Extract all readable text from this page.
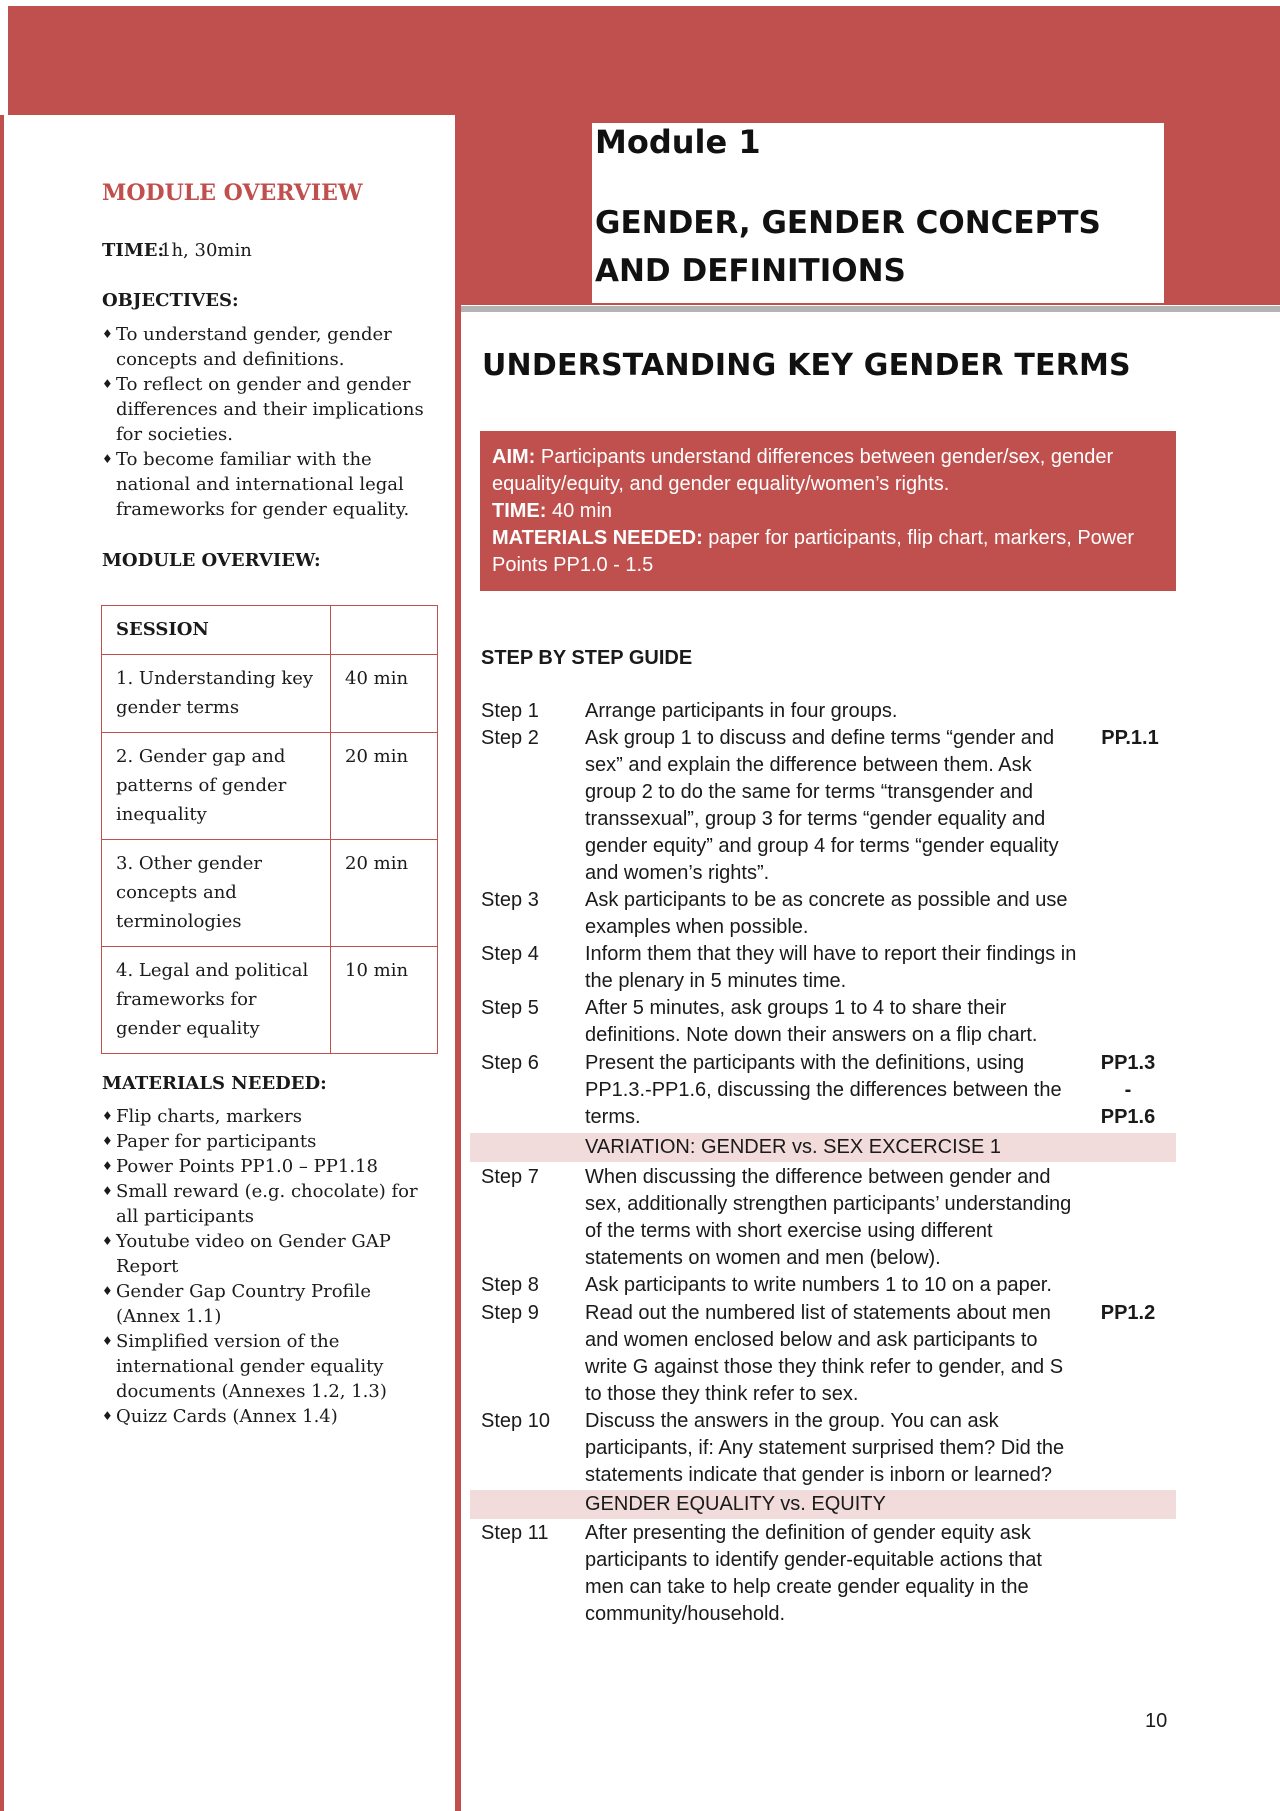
Module 1
GENDER, GENDER CONCEPTS
AND DEFINITIONS
MODULE OVERVIEW
TIME:1h, 30min
OBJECTIVES:
♦ To understand gender, gender concepts and definitions.
♦ To reflect on gender and gender differences and their implications for societies.
♦ To become familiar with the national and international legal frameworks for gender equality.
MODULE OVERVIEW:
SESSION	
1. Understanding key gender terms	40 min
2. Gender gap and patterns of gender inequality	20 min
3. Other gender concepts and terminologies	20 min
4. Legal and political frameworks for gender equality	10 min
MATERIALS NEEDED:
♦ Flip charts, markers
♦ Paper for participants
♦ Power Points PP1.0 – PP1.18
♦ Small reward (e.g. chocolate) for all participants
♦ Youtube video on Gender GAP Report
♦ Gender Gap Country Profile (Annex 1.1)
♦ Simplified version of the international gender equality documents (Annexes 1.2, 1.3)
♦ Quizz Cards (Annex 1.4)
UNDERSTANDING KEY GENDER TERMS
AIM: Participants understand differences between gender/sex, gender equality/equity, and gender equality/women’s rights.
TIME: 40 min
MATERIALS NEEDED: paper for participants, flip chart, markers, Power Points PP1.0 - 1.5
STEP BY STEP GUIDE
Step 1 Arrange participants in four groups.
Step 2 Ask group 1 to discuss and define terms “gender and sex” and explain the difference between them. Ask group 2 to do the same for terms “transgender and transsexual”, group 3 for terms “gender equality and gender equity” and group 4 for terms “gender equality and women’s rights”.
PP.1.1
Step 3 Ask participants to be as concrete as possible and use examples when possible.
Step 4 Inform them that they will have to report their findings in the plenary in 5 minutes time.
Step 5 After 5 minutes, ask groups 1 to 4 to share their definitions. Note down their answers on a flip chart.
Step 6 Present the participants with the definitions, using PP1.3.-PP1.6, discussing the differences between the terms.
PP1.3
-
PP1.6
VARIATION: GENDER vs. SEX EXCERCISE 1
Step 7 When discussing the difference between gender and sex, additionally strengthen participants’ understanding of the terms with short exercise using different statements on women and men (below).
Step 8 Ask participants to write numbers 1 to 10 on a paper.
Step 9 Read out the numbered list of statements about men and women enclosed below and ask participants to write G against those they think refer to gender, and S to those they think refer to sex.
PP1.2
Step 10 Discuss the answers in the group. You can ask participants, if: Any statement surprised them? Did the statements indicate that gender is inborn or learned?
GENDER EQUALITY vs. EQUITY
Step 11 After presenting the definition of gender equity ask participants to identify gender-equitable actions that men can take to help create gender equality in the community/household.
10
